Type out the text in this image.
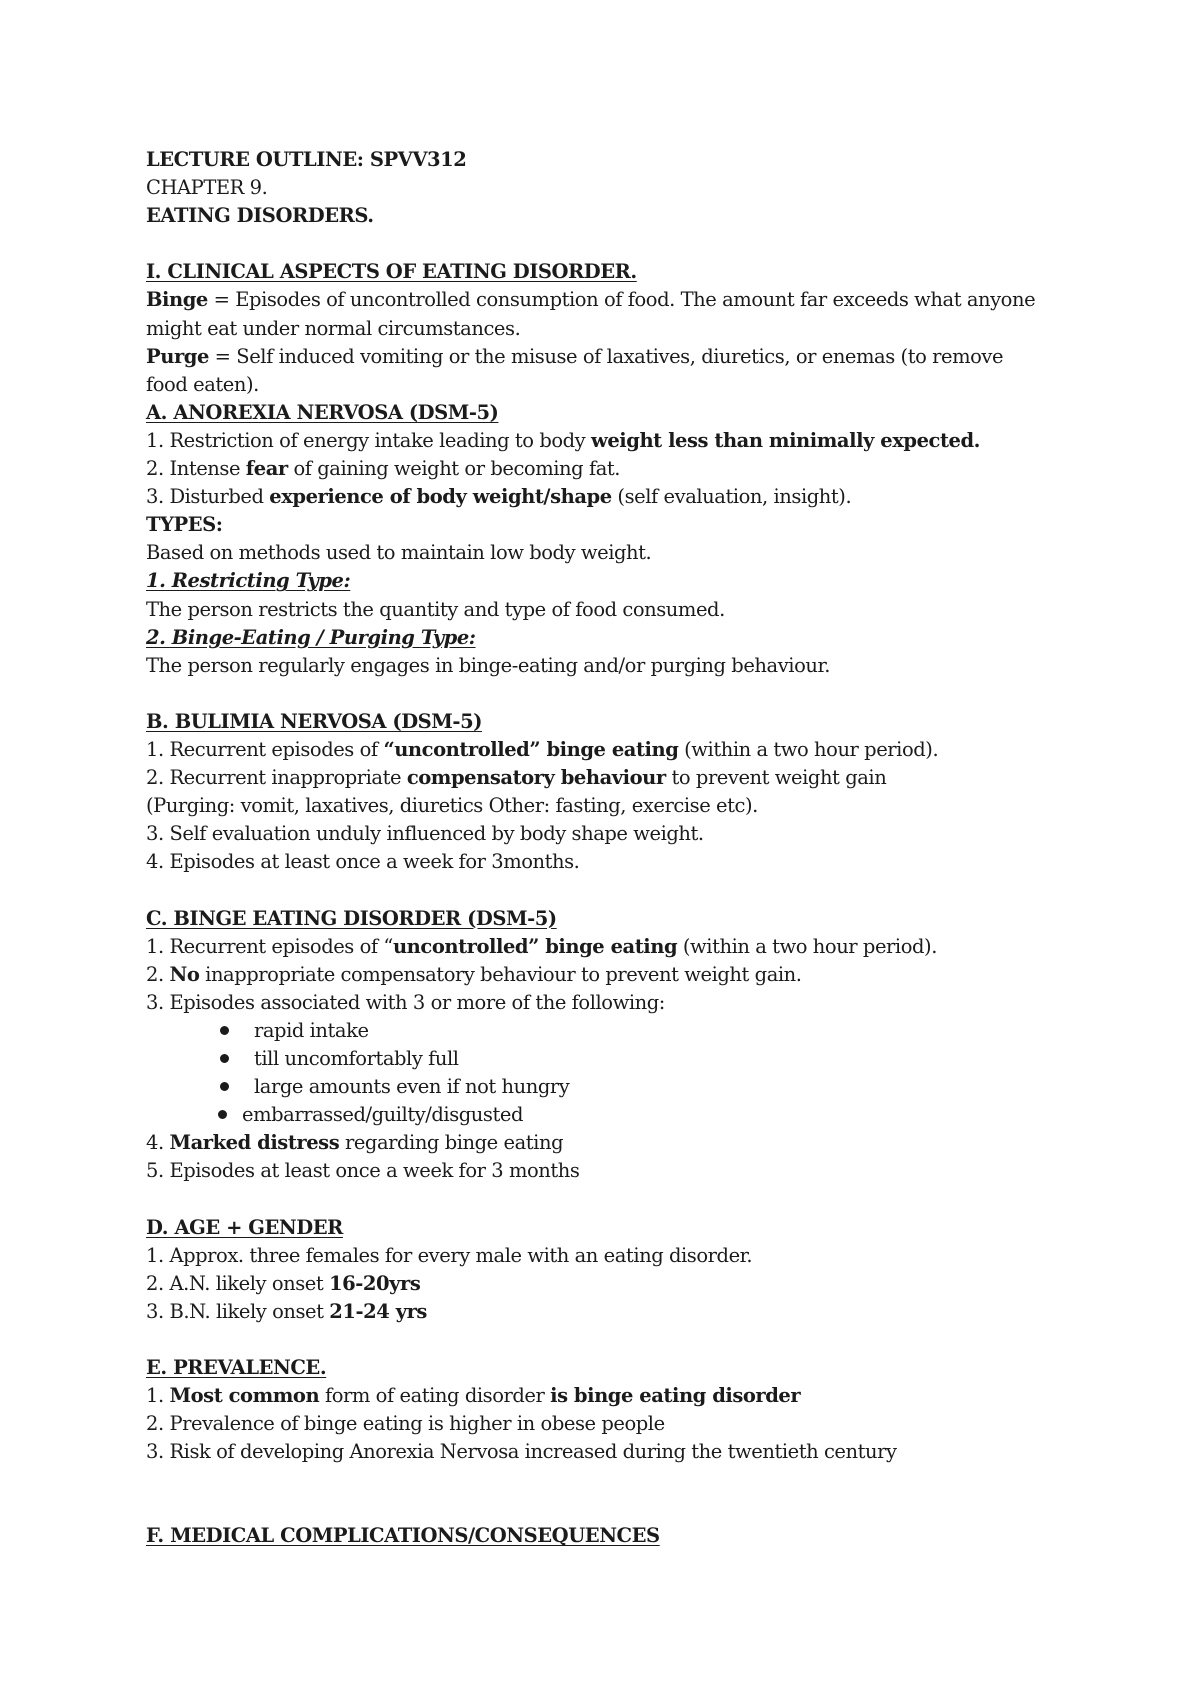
LECTURE OUTLINE: SPVV312
CHAPTER 9.
EATING DISORDERS.
I. CLINICAL ASPECTS OF EATING DISORDER.
Binge = Episodes of uncontrolled consumption of food. The amount far exceeds what anyone
might eat under normal circumstances.
Purge = Self induced vomiting or the misuse of laxatives, diuretics, or enemas (to remove
food eaten).
A. ANOREXIA NERVOSA (DSM-5)
1. Restriction of energy intake leading to body weight less than minimally expected.
2. Intense fear of gaining weight or becoming fat.
3. Disturbed experience of body weight/shape (self evaluation, insight).
TYPES:
Based on methods used to maintain low body weight.
1. Restricting Type:
The person restricts the quantity and type of food consumed.
2. Binge-Eating / Purging Type:
The person regularly engages in binge-eating and/or purging behaviour.
B. BULIMIA NERVOSA (DSM-5)
1. Recurrent episodes of “uncontrolled” binge eating (within a two hour period).
2. Recurrent inappropriate compensatory behaviour to prevent weight gain
(Purging: vomit, laxatives, diuretics Other: fasting, exercise etc).
3. Self evaluation unduly influenced by body shape weight.
4. Episodes at least once a week for 3months.
C. BINGE EATING DISORDER (DSM-5)
1. Recurrent episodes of “uncontrolled” binge eating (within a two hour period).
2. No inappropriate compensatory behaviour to prevent weight gain.
3. Episodes associated with 3 or more of the following:
rapid intake
till uncomfortably full
large amounts even if not hungry
embarrassed/guilty/disgusted
4. Marked distress regarding binge eating
5. Episodes at least once a week for 3 months
D. AGE + GENDER
1. Approx. three females for every male with an eating disorder.
2. A.N. likely onset 16-20yrs
3. B.N. likely onset 21-24 yrs
E. PREVALENCE.
1. Most common form of eating disorder is binge eating disorder
2. Prevalence of binge eating is higher in obese people
3. Risk of developing Anorexia Nervosa increased during the twentieth century
F. MEDICAL COMPLICATIONS/CONSEQUENCES
